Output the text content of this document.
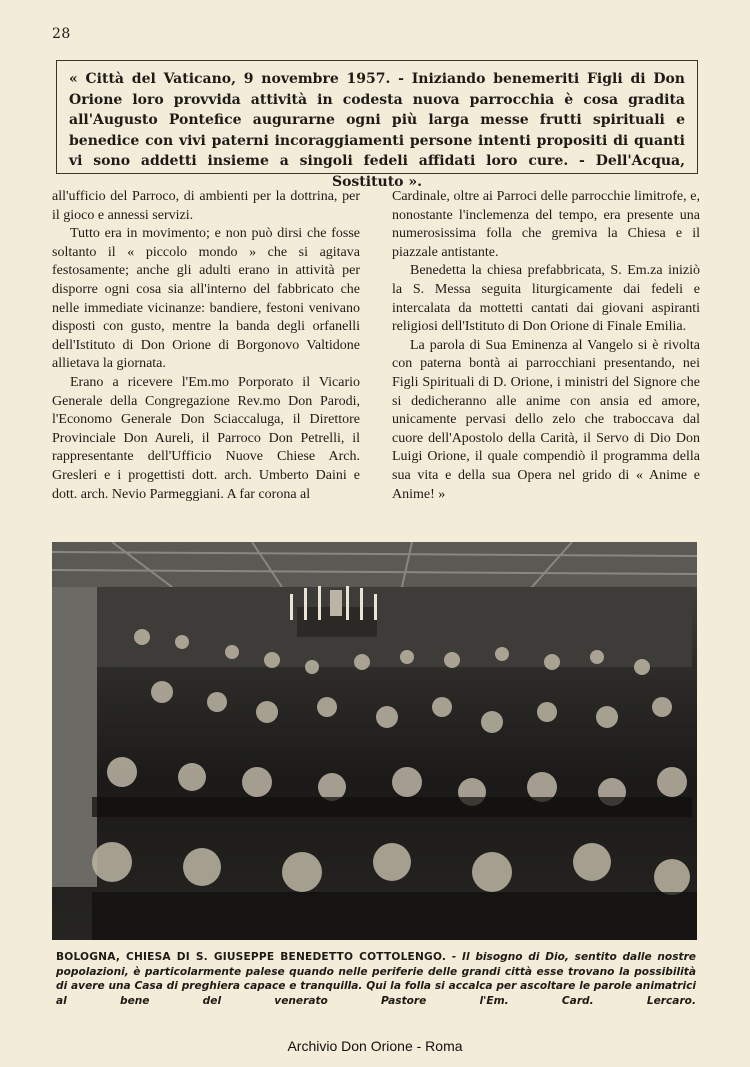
28
« Città del Vaticano, 9 novembre 1957. - Iniziando benemeriti Figli di Don Orione loro provvida attività in codesta nuova parrocchia è cosa gradita all'Augusto Pontefice augurarne ogni più larga messe frutti spirituali e benedice con vivi paterni incoraggiamenti persone intenti propositi di quanti vi sono addetti insieme a singoli fedeli affidati loro cure. - Dell'Acqua, Sostituto ».

all'ufficio del Parroco, di ambienti per la dottrina, per il gioco e annessi servizi.

Tutto era in movimento; e non può dirsi che fosse soltanto il « piccolo mondo » che si agitava festosamente; anche gli adulti erano in attività per disporre ogni cosa sia all'interno del fabbricato che nelle immediate vicinanze: bandiere, festoni venivano disposti con gusto, mentre la banda degli orfanelli dell'Istituto di Don Orione di Borgonovo Valtidone allietava la giornata.

Erano a ricevere l'Em.mo Porporato il Vicario Generale della Congregazione Rev.mo Don Parodi, l'Economo Generale Don Sciaccaluga, il Direttore Provinciale Don Aureli, il Parroco Don Petrelli, il rappresentante dell'Ufficio Nuove Chiese Arch. Gresleri e i progettisti dott. arch. Umberto Daini e dott. arch. Nevio Parmeggiani. A far corona al

Cardinale, oltre ai Parroci delle parrocchie limitrofe, e, nonostante l'inclemenza del tempo, era presente una numerosissima folla che gremiva la Chiesa e il piazzale antistante.

Benedetta la chiesa prefabbricata, S. Em.za iniziò la S. Messa seguita liturgicamente dai fedeli e intercalata da mottetti cantati dai giovani aspiranti religiosi dell'Istituto di Don Orione di Finale Emilia.

La parola di Sua Eminenza al Vangelo si è rivolta con paterna bontà ai parrocchiani presentando, nei Figli Spirituali di D. Orione, i ministri del Signore che si dedicheranno alle anime con ansia ed amore, unicamente pervasi dello zelo che traboccava dal cuore dell'Apostolo della Carità, il Servo di Dio Don Luigi Orione, il quale compendiò il programma della sua vita e della sua Opera nel grido di « Anime e Anime! »

BOLOGNA, CHIESA DI S. GIUSEPPE BENEDETTO COTTOLENGO. - Il bisogno di Dio, sentito dalle nostre popolazioni, è particolarmente palese quando nelle periferie delle grandi città esse trovano la possibilità di avere una Casa di preghiera capace e tranquilla. Qui la folla si accalca per ascoltare le parole animatrici al bene del venerato Pastore l'Em. Card. Lercaro.
Archivio Don Orione - Roma
